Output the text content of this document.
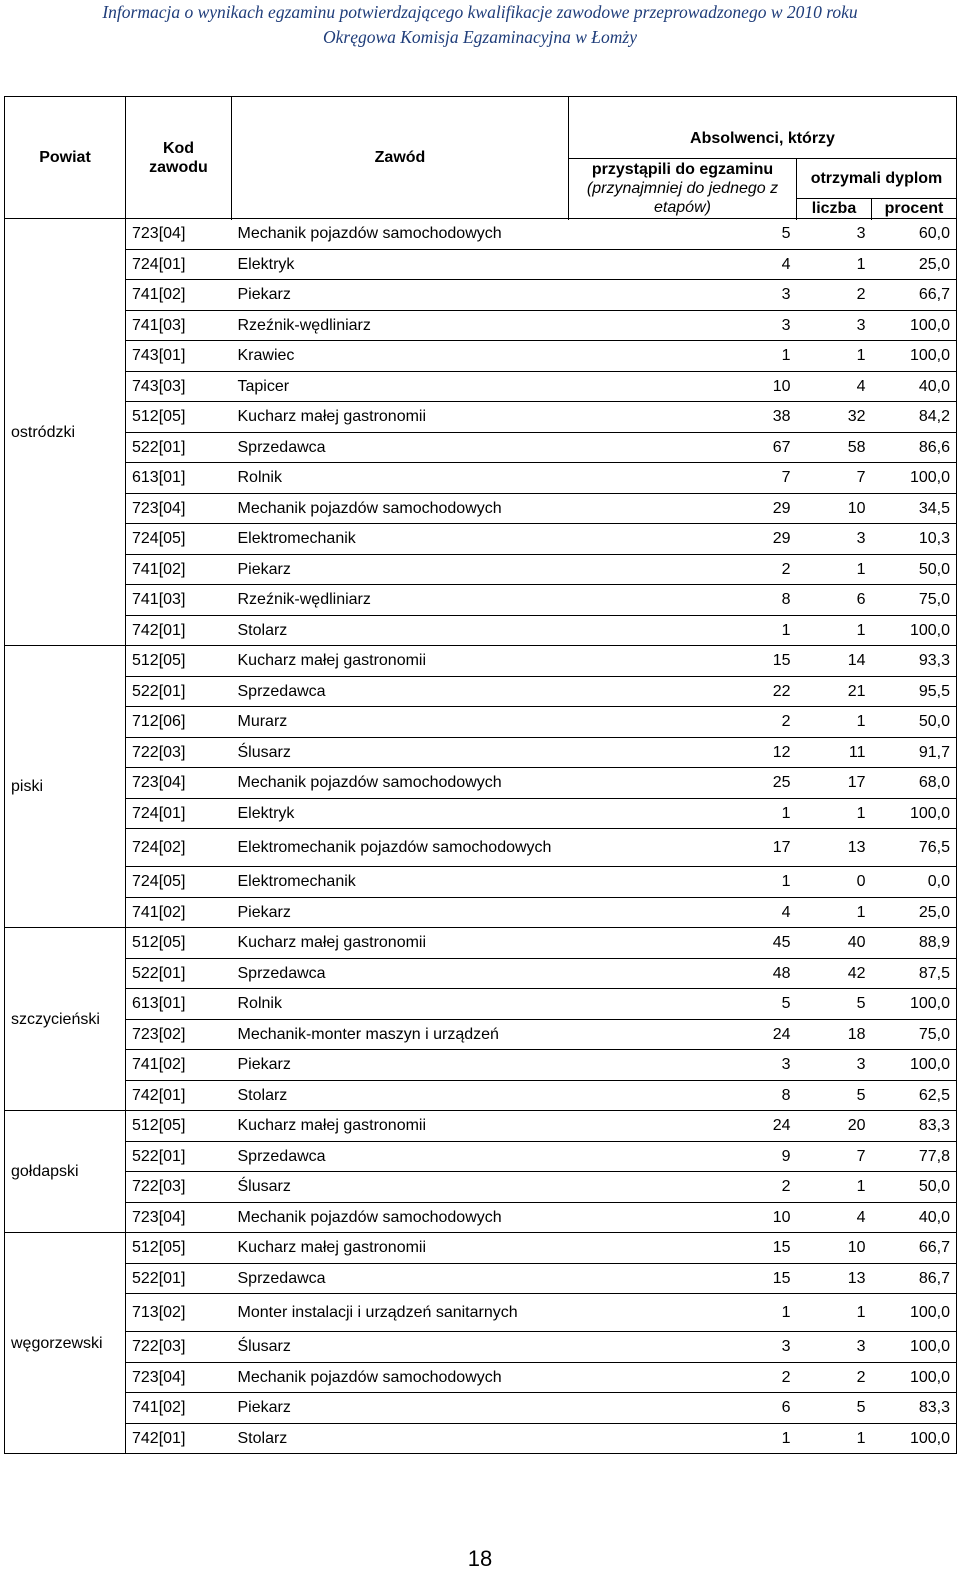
Informacja o wynikach egzaminu potwierdzającego kwalifikacje zawodowe przeprowadzonego w 2010 roku
Okręgowa Komisja Egzaminacyjna w Łomży
Powiat	Kod zawodu	Zawód	Absolwenci, którzy		
			przystąpili do egzaminu
(przynajmniej do jednego z etapów)	otrzymali dyplom	
				liczba	procent

ostródzki	723[04]	Mechanik pojazdów samochodowych	5	3	60,0
	724[01]	Elektryk	4	1	25,0
	741[02]	Piekarz	3	2	66,7
	741[03]	Rzeźnik-wędliniarz	3	3	100,0
	743[01]	Krawiec	1	1	100,0
	743[03]	Tapicer	10	4	40,0
	512[05]	Kucharz małej gastronomii	38	32	84,2
	522[01]	Sprzedawca	67	58	86,6
	613[01]	Rolnik	7	7	100,0
	723[04]	Mechanik pojazdów samochodowych	29	10	34,5
	724[05]	Elektromechanik	29	3	10,3
	741[02]	Piekarz	2	1	50,0
	741[03]	Rzeźnik-wędliniarz	8	6	75,0
	742[01]	Stolarz	1	1	100,0
piski	512[05]	Kucharz małej gastronomii	15	14	93,3
	522[01]	Sprzedawca	22	21	95,5
	712[06]	Murarz	2	1	50,0
	722[03]	Ślusarz	12	11	91,7
	723[04]	Mechanik pojazdów samochodowych	25	17	68,0
	724[01]	Elektryk	1	1	100,0
	724[02]	Elektromechanik pojazdów samochodowych	17	13	76,5
	724[05]	Elektromechanik	1	0	0,0
	741[02]	Piekarz	4	1	25,0
szczycieński	512[05]	Kucharz małej gastronomii	45	40	88,9
	522[01]	Sprzedawca	48	42	87,5
	613[01]	Rolnik	5	5	100,0
	723[02]	Mechanik-monter maszyn i urządzeń	24	18	75,0
	741[02]	Piekarz	3	3	100,0
	742[01]	Stolarz	8	5	62,5
gołdapski	512[05]	Kucharz małej gastronomii	24	20	83,3
	522[01]	Sprzedawca	9	7	77,8
	722[03]	Ślusarz	2	1	50,0
	723[04]	Mechanik pojazdów samochodowych	10	4	40,0
węgorzewski	512[05]	Kucharz małej gastronomii	15	10	66,7
	522[01]	Sprzedawca	15	13	86,7
	713[02]	Monter instalacji i urządzeń sanitarnych	1	1	100,0
	722[03]	Ślusarz	3	3	100,0
	723[04]	Mechanik pojazdów samochodowych	2	2	100,0
	741[02]	Piekarz	6	5	83,3
	742[01]	Stolarz	1	1	100,0
18
